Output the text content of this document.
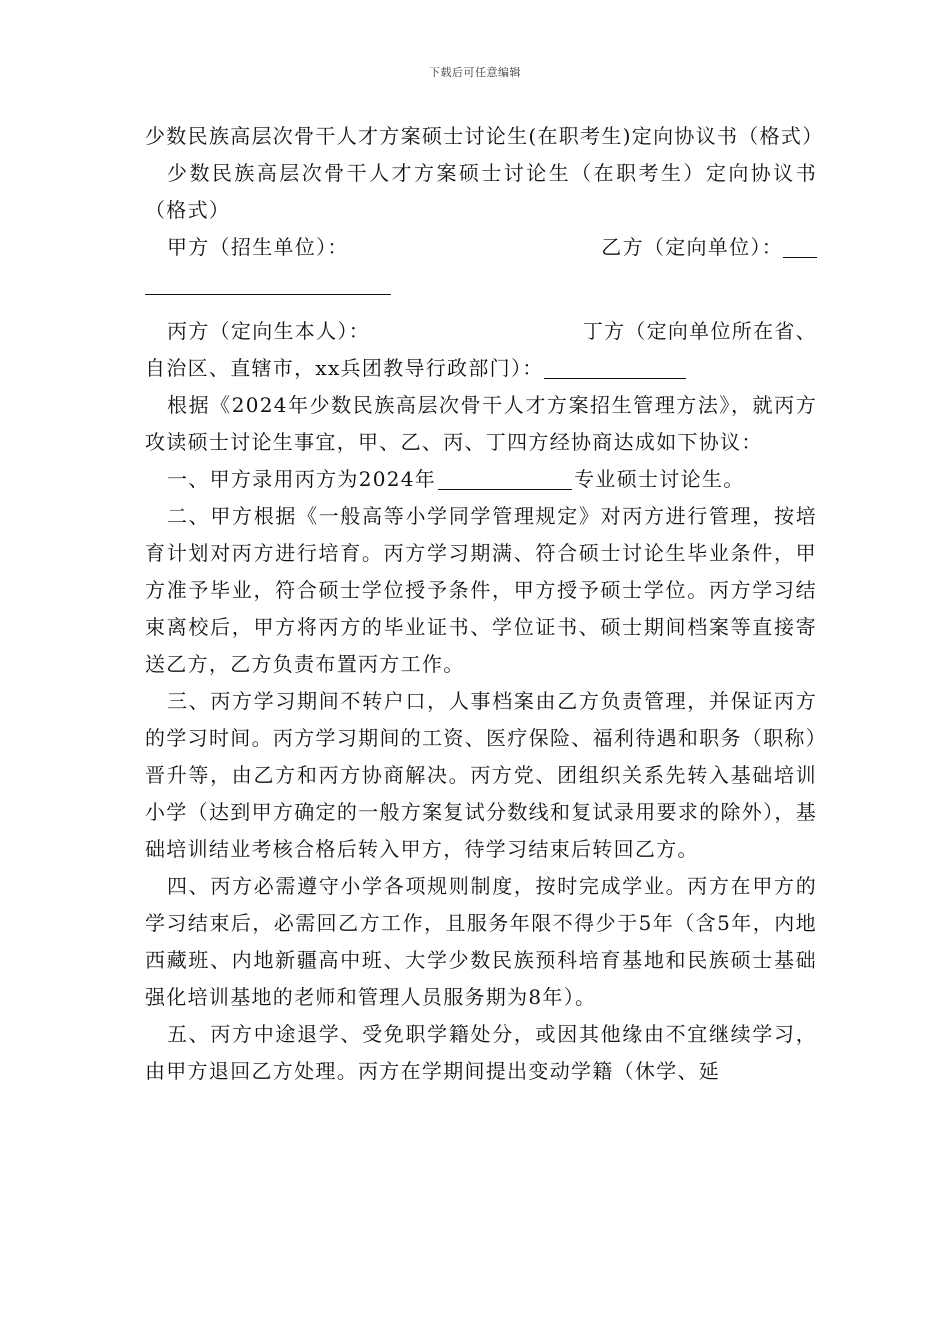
下载后可任意编辑

少数民族高层次骨干人才方案硕士讨论生(在职考生)定向协议书（格式）

少数民族高层次骨干人才方案硕士讨论生（在职考生）定向协议书（格式）

甲方（招生单位）：	乙方（定向单位）：
丙方（定向生本人）：	丁方（定向单位所在省、

自治区、直辖市，xx兵团教导行政部门）：

根据《2024年少数民族高层次骨干人才方案招生管理方法》，就丙方攻读硕士讨论生事宜，甲、乙、丙、丁四方经协商达成如下协议：

一、甲方录用丙方为2024年	专业硕士讨论生。

二、甲方根据《一般高等小学同学管理规定》对丙方进行管理，按培育计划对丙方进行培育。丙方学习期满、符合硕士讨论生毕业条件，甲方准予毕业，符合硕士学位授予条件，甲方授予硕士学位。丙方学习结束离校后，甲方将丙方的毕业证书、学位证书、硕士期间档案等直接寄送乙方，乙方负责布置丙方工作。

三、丙方学习期间不转户口，人事档案由乙方负责管理，并保证丙方的学习时间。丙方学习期间的工资、医疗保险、福利待遇和职务（职称）晋升等，由乙方和丙方协商解决。丙方党、团组织关系先转入基础培训小学（达到甲方确定的一般方案复试分数线和复试录用要求的除外），基础培训结业考核合格后转入甲方，待学习结束后转回乙方。

四、丙方必需遵守小学各项规则制度，按时完成学业。丙方在甲方的学习结束后，必需回乙方工作，且服务年限不得少于5年（含5年，内地西藏班、内地新疆高中班、大学少数民族预科培育基地和民族硕士基础强化培训基地的老师和管理人员服务期为8年）。

五、丙方中途退学、受免职学籍处分，或因其他缘由不宜继续学习，由甲方退回乙方处理。丙方在学期间提出变动学籍（休学、延
